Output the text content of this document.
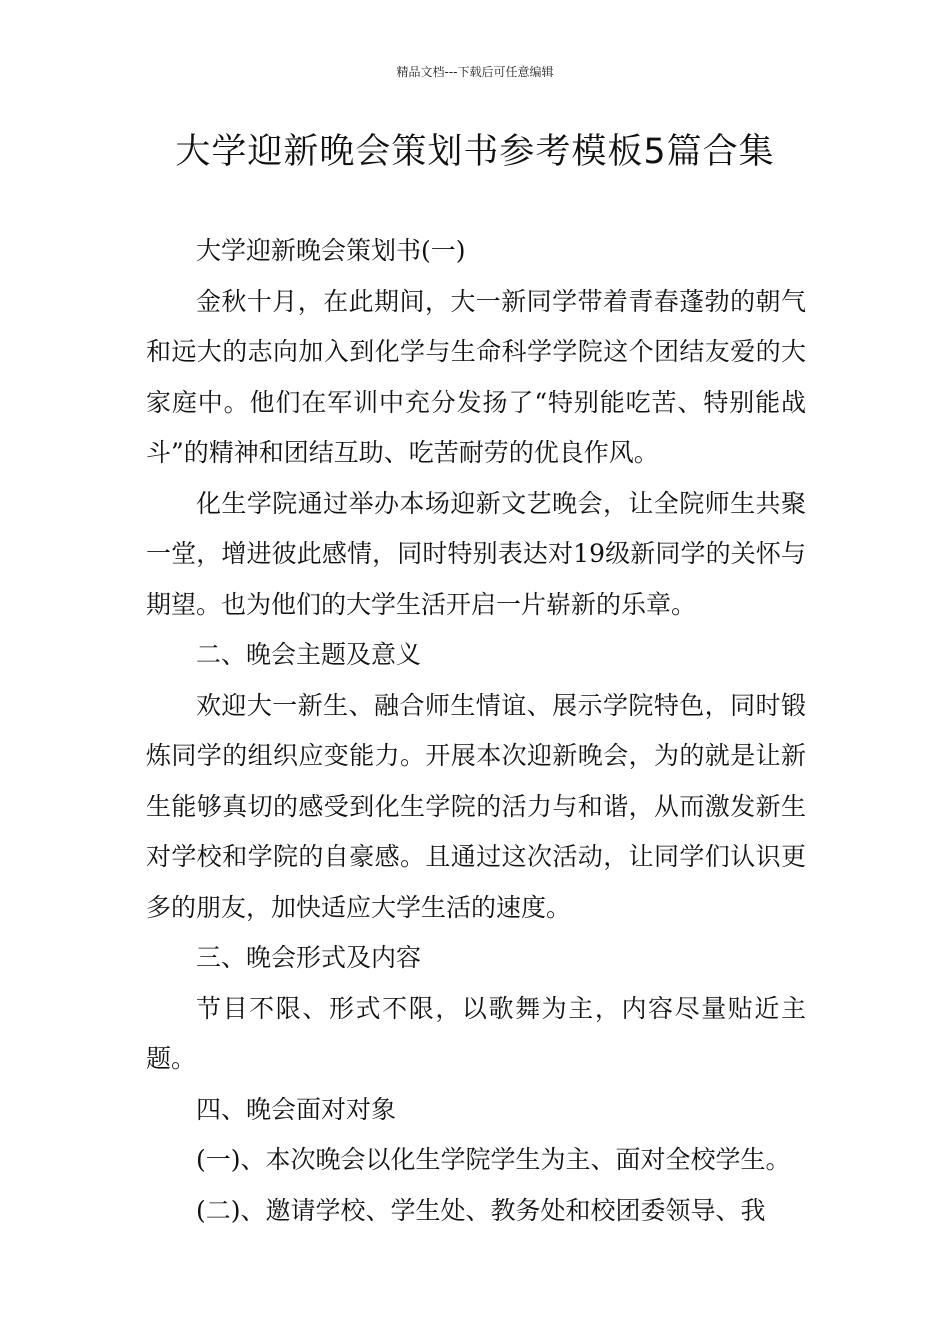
精品文档---下载后可任意编辑
大学迎新晚会策划书参考模板5篇合集

大学迎新晚会策划书(一)

金秋十月，在此期间，大一新同学带着青春蓬勃的朝气和远大的志向加入到化学与生命科学学院这个团结友爱的大家庭中。他们在军训中充分发扬了“特别能吃苦、特别能战斗”的精神和团结互助、吃苦耐劳的优良作风。

化生学院通过举办本场迎新文艺晚会，让全院师生共聚一堂，增进彼此感情，同时特别表达对19级新同学的关怀与期望。也为他们的大学生活开启一片崭新的乐章。

二、晚会主题及意义

欢迎大一新生、融合师生情谊、展示学院特色，同时锻炼同学的组织应变能力。开展本次迎新晚会，为的就是让新生能够真切的感受到化生学院的活力与和谐，从而激发新生对学校和学院的自豪感。且通过这次活动，让同学们认识更多的朋友，加快适应大学生活的速度。

三、晚会形式及内容

节目不限、形式不限，以歌舞为主，内容尽量贴近主题。

四、晚会面对对象

(一)、本次晚会以化生学院学生为主、面对全校学生。

(二)、邀请学校、学生处、教务处和校团委领导、我
